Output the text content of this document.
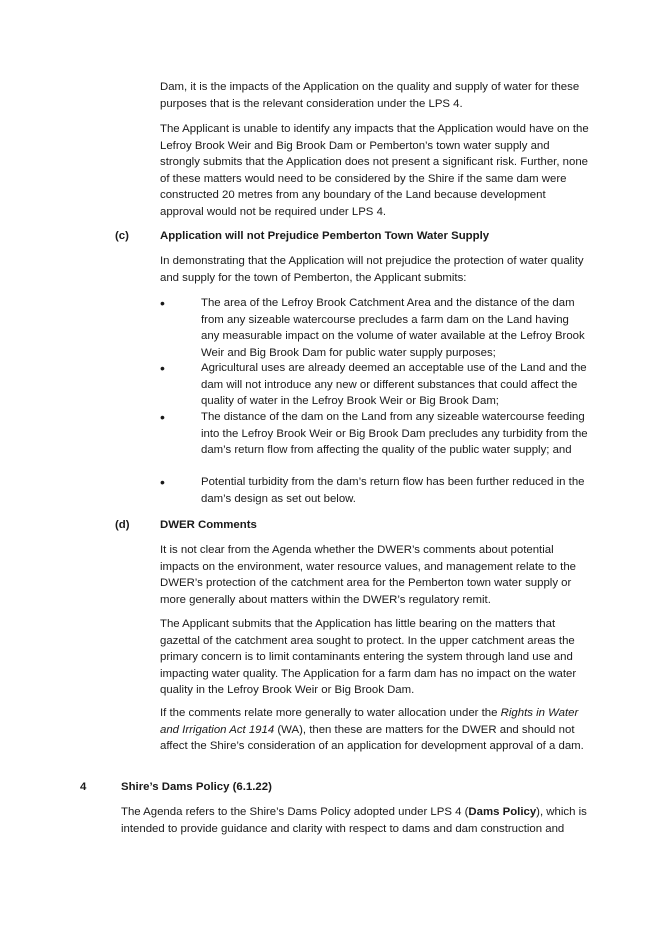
Dam, it is the impacts of the Application on the quality and supply of water for these purposes that is the relevant consideration under the LPS 4.

The Applicant is unable to identify any impacts that the Application would have on the Lefroy Brook Weir and Big Brook Dam or Pemberton’s town water supply and strongly submits that the Application does not present a significant risk. Further, none of these matters would need to be considered by the Shire if the same dam were constructed 20 metres from any boundary of the Land because development approval would not be required under LPS 4.

(c)	Application will not Prejudice Pemberton Town Water Supply

In demonstrating that the Application will not prejudice the protection of water quality and supply for the town of Pemberton, the Applicant submits:

•	The area of the Lefroy Brook Catchment Area and the distance of the dam from any sizeable watercourse precludes a farm dam on the Land having any measurable impact on the volume of water available at the Lefroy Brook Weir and Big Brook Dam for public water supply purposes;

•	Agricultural uses are already deemed an acceptable use of the Land and the dam will not introduce any new or different substances that could affect the quality of water in the Lefroy Brook Weir or Big Brook Dam;

•	The distance of the dam on the Land from any sizeable watercourse feeding into the Lefroy Brook Weir or Big Brook Dam precludes any turbidity from the dam’s return flow from affecting the quality of the public water supply; and

•	Potential turbidity from the dam’s return flow has been further reduced in the dam’s design as set out below.

(d)	DWER Comments

It is not clear from the Agenda whether the DWER’s comments about potential impacts on the environment, water resource values, and management relate to the DWER’s protection of the catchment area for the Pemberton town water supply or more generally about matters within the DWER’s regulatory remit.

The Applicant submits that the Application has little bearing on the matters that gazettal of the catchment area sought to protect. In the upper catchment areas the primary concern is to limit contaminants entering the system through land use and impacting water quality. The Application for a farm dam has no impact on the water quality in the Lefroy Brook Weir or Big Brook Dam.

If the comments relate more generally to water allocation under the Rights in Water and Irrigation Act 1914 (WA), then these are matters for the DWER and should not affect the Shire’s consideration of an application for development approval of a dam.

4	Shire’s Dams Policy (6.1.22)

The Agenda refers to the Shire’s Dams Policy adopted under LPS 4 (Dams Policy), which is intended to provide guidance and clarity with respect to dams and dam construction and
